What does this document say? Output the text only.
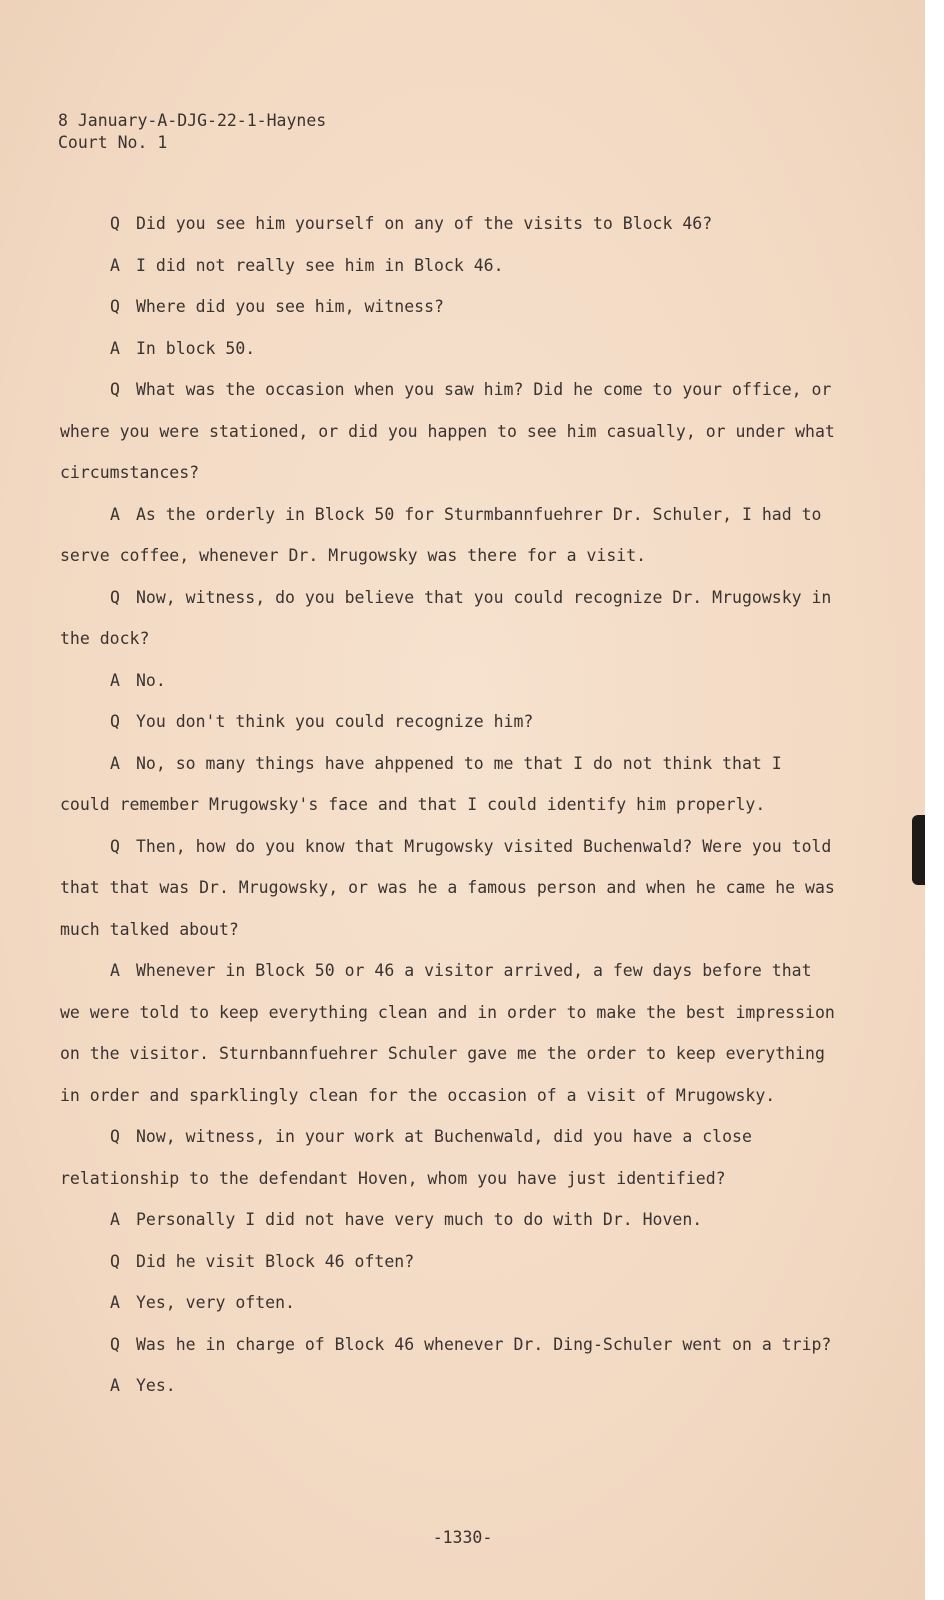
8 January-A-DJG-22-1-Haynes
Court No. 1

Q Did you see him yourself on any of the visits to Block 46?

A I did not really see him in Block 46.

Q Where did you see him, witness?

A In block 50.

Q What was the occasion when you saw him? Did he come to your office, or where you were stationed, or did you happen to see him casually, or under what circumstances?

A As the orderly in Block 50 for Sturmbannfuehrer Dr. Schuler, I had to serve coffee, whenever Dr. Mrugowsky was there for a visit.

Q Now, witness, do you believe that you could recognize Dr. Mrugowsky in the dock?

A No.

Q You don't think you could recognize him?

A No, so many things have ahppened to me that I do not think that I could remember Mrugowsky's face and that I could identify him properly.

Q Then, how do you know that Mrugowsky visited Buchenwald? Were you told that that was Dr. Mrugowsky, or was he a famous person and when he came he was much talked about?

A Whenever in Block 50 or 46 a visitor arrived, a few days before that we were told to keep everything clean and in order to make the best impression on the visitor. Sturnbannfuehrer Schuler gave me the order to keep everything in order and sparklingly clean for the occasion of a visit of Mrugowsky.

Q Now, witness, in your work at Buchenwald, did you have a close relationship to the defendant Hoven, whom you have just identified?

A Personally I did not have very much to do with Dr. Hoven.

Q Did he visit Block 46 often?

A Yes, very often.

Q Was he in charge of Block 46 whenever Dr. Ding-Schuler went on a trip?

A Yes.

-1330-
